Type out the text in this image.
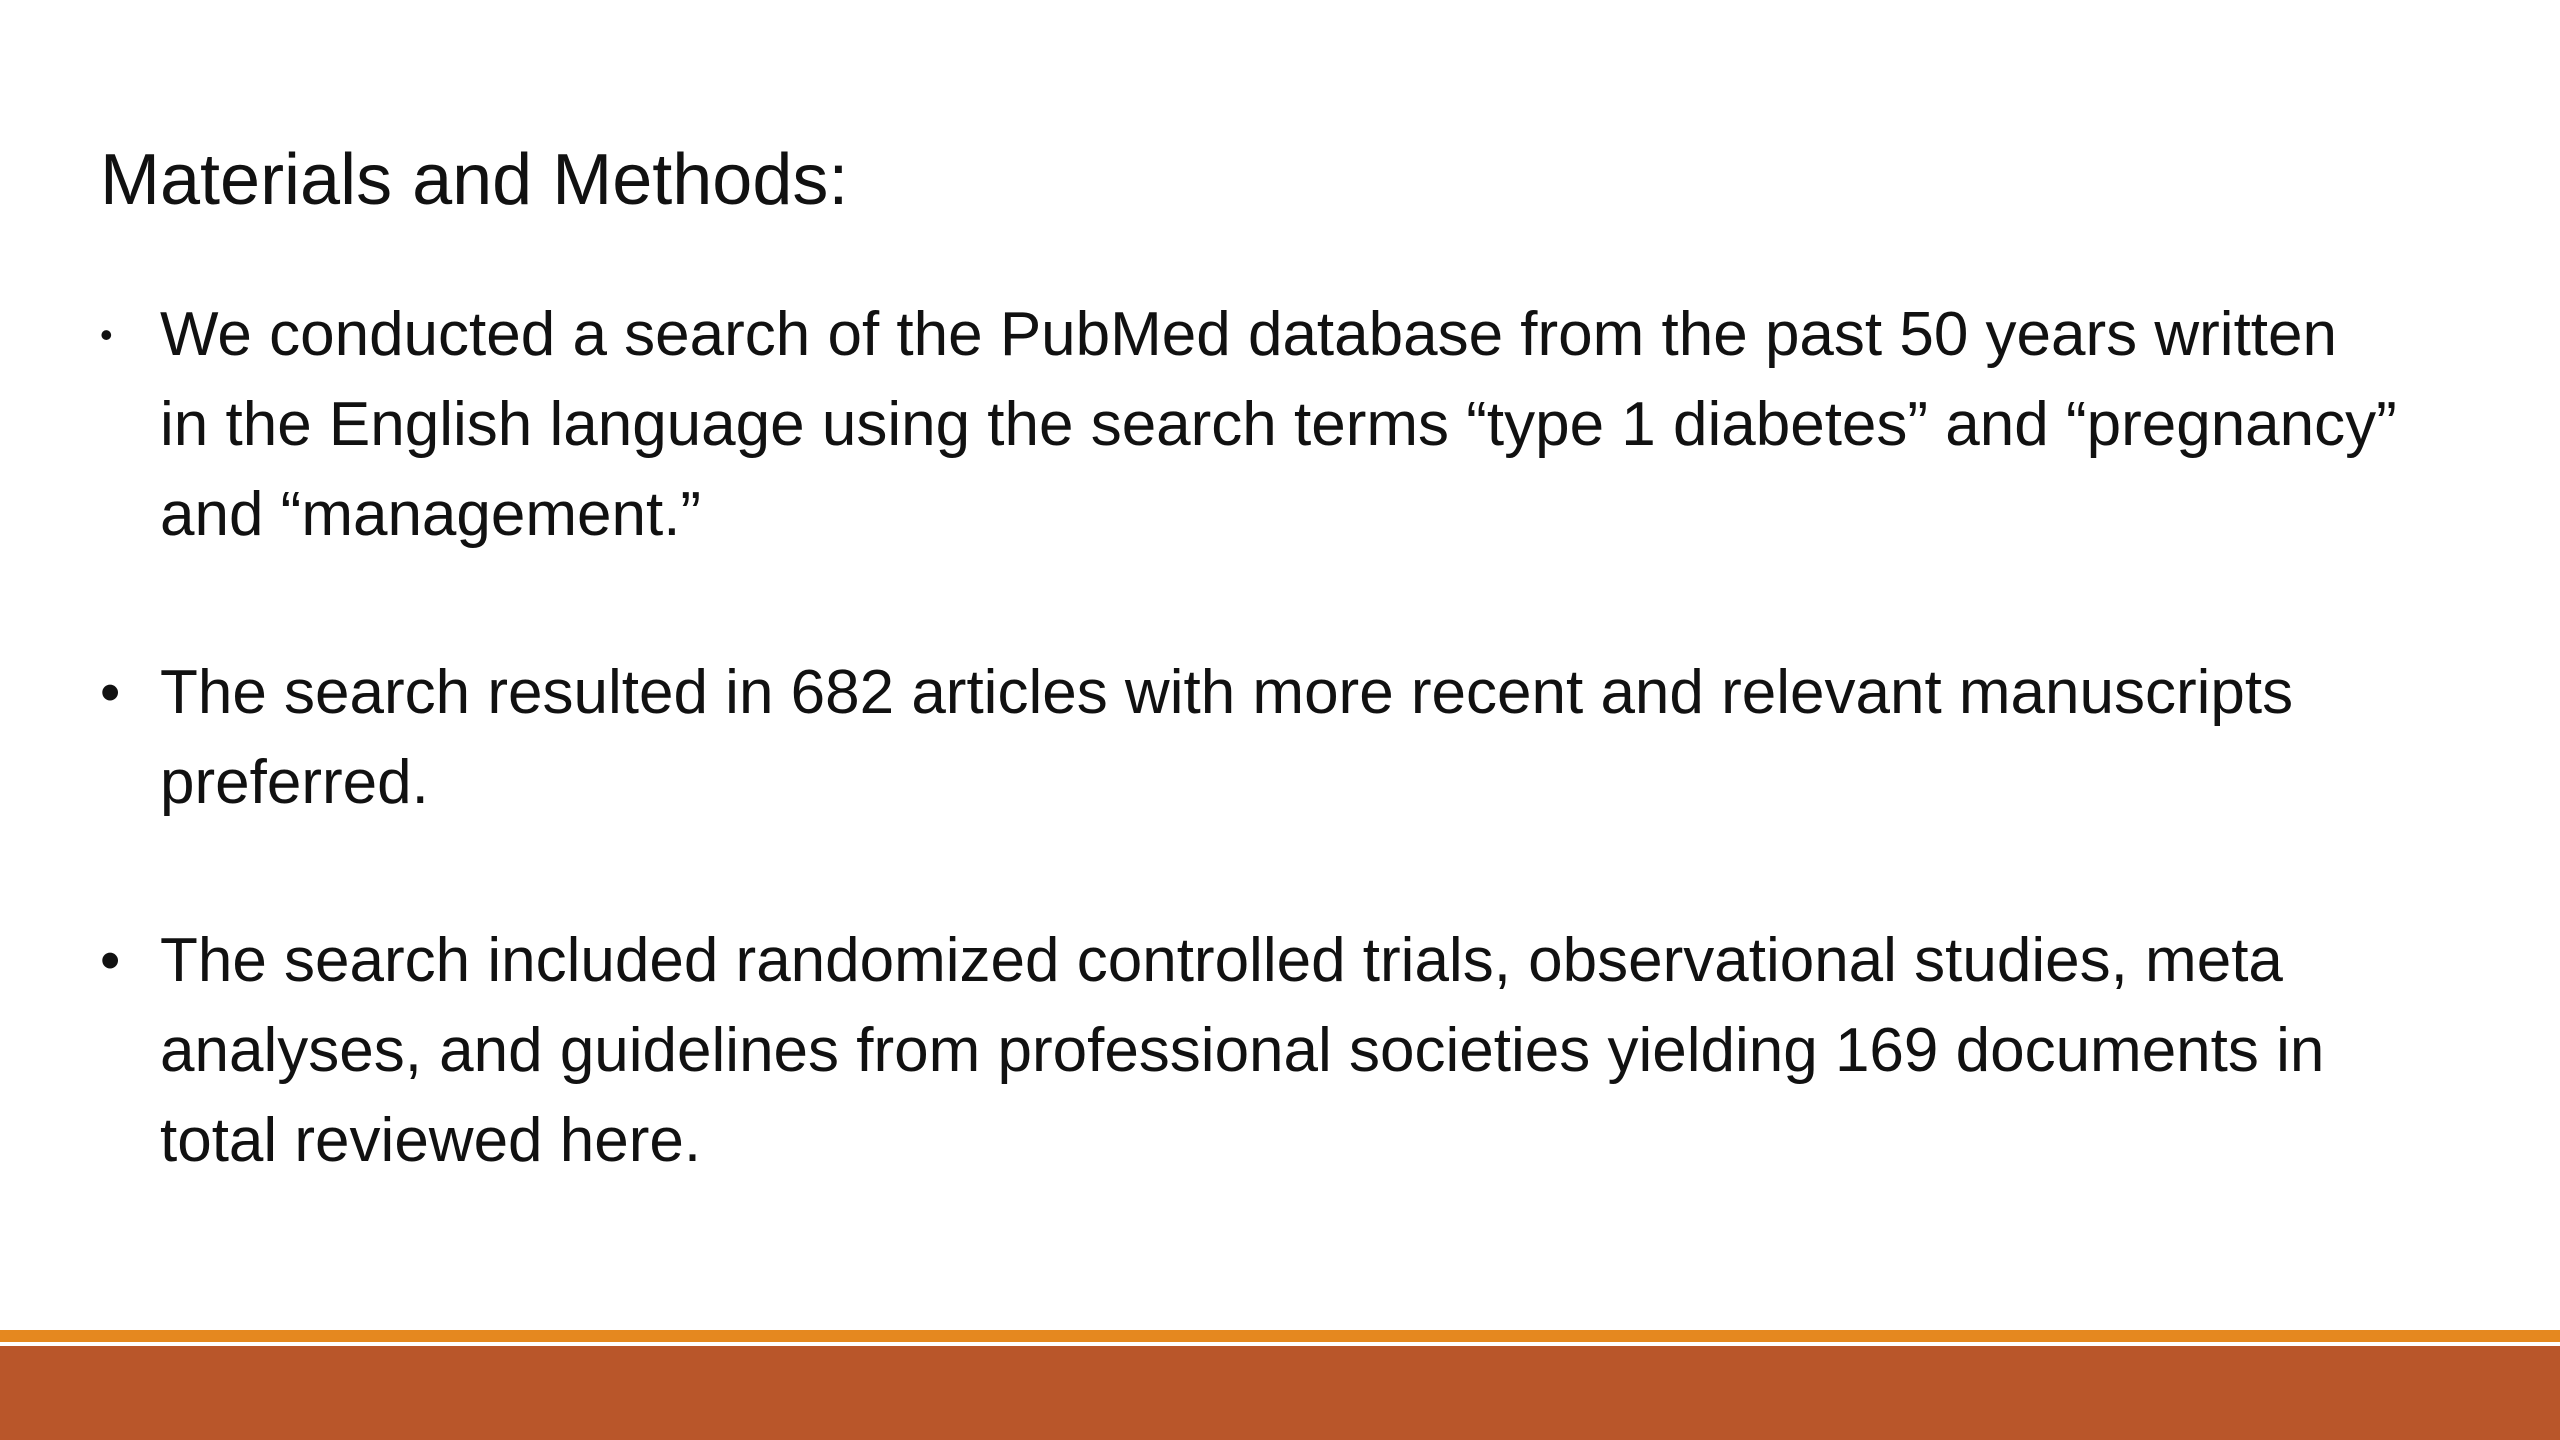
Materials and Methods:
• We conducted a search of the PubMed database from the past 50 years written in the English language using the search terms “type 1 diabetes” and “pregnancy” and “management.”
• The search resulted in 682 articles with more recent and relevant manuscripts preferred.
• The search included randomized controlled trials, observational studies, meta analyses, and guidelines from professional societies yielding 169 documents in total reviewed here.
